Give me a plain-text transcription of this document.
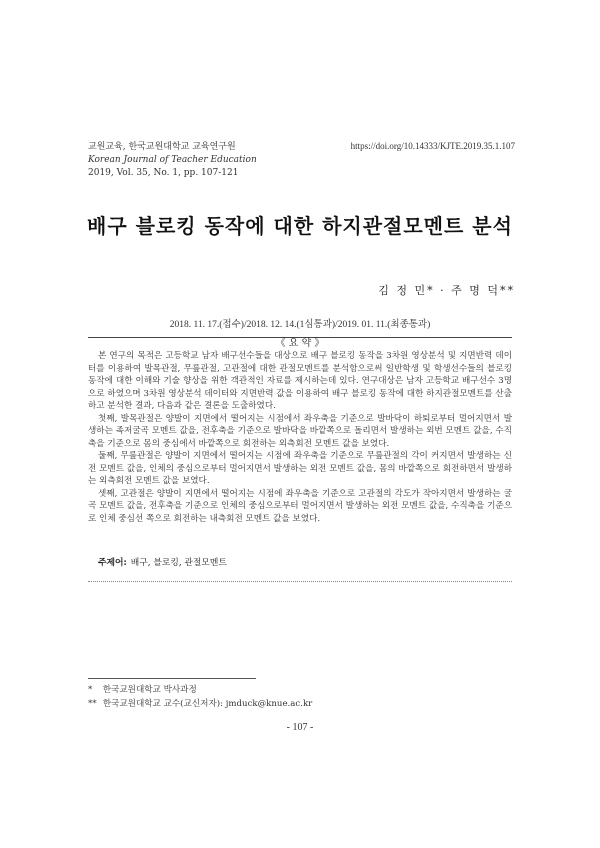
교원교육, 한국교원대학교 교육연구원
Korean Journal of Teacher Education
2019, Vol. 35, No. 1, pp. 107-121
https://doi.org/10.14333/KJTE.2019.35.1.107
배구 블로킹 동작에 대한 하지관절모멘트 분석
김 정 민* · 주 명 덕**
2018. 11. 17.(접수)/2018. 12. 14.(1심통과)/2019. 01. 11.(최종통과)
《 요 약 》

본 연구의 목적은 고등학교 남자 배구선수들을 대상으로 배구 블로킹 동작을 3차원 영상분석 및 지면반력 데이터를 이용하여 발목관절, 무릎관절, 고관절에 대한 관절모멘트를 분석함으로써 일반학생 및 학생선수들의 블로킹 동작에 대한 이해와 기술 향상을 위한 객관적인 자료를 제시하는데 있다. 연구대상은 남자 고등학교 배구선수 3명으로 하였으며 3차원 영상분석 데이터와 지면반력 값을 이용하여 배구 블로킹 동작에 대한 하지관절모멘트를 산출하고 분석한 결과, 다음과 같은 결론을 도출하였다.

첫째, 발목관절은 양발이 지면에서 떨어지는 시점에서 좌우축을 기준으로 발바닥이 하퇴로부터 멀어지면서 발생하는 족저굴곡 모멘트 값을, 전후축을 기준으로 발바닥을 바깥쪽으로 돌리면서 발생하는 외번 모멘트 값을, 수직축을 기준으로 몸의 중심에서 바깥쪽으로 회전하는 외측회전 모멘트 값을 보였다.

둘째, 무릎관절은 양발이 지면에서 떨어지는 시점에 좌우축을 기준으로 무릎관절의 각이 커지면서 발생하는 신전 모멘트 값을, 인체의 중심으로부터 멀어지면서 발생하는 외전 모멘트 값을, 몸의 바깥쪽으로 회전하면서 발생하는 외측회전 모멘트 값을 보였다.

셋째, 고관절은 양발이 지면에서 떨어지는 시점에 좌우축을 기준으로 고관절의 각도가 작아지면서 발생하는 굴곡 모멘트 값을, 전후축을 기준으로 인체의 중심으로부터 멀어지면서 발생하는 외전 모멘트 값을, 수직축을 기준으로 인체 중심선 쪽으로 회전하는 내측회전 모멘트 값을 보였다.

주제어: 배구, 블로킹, 관절모멘트
* 한국교원대학교 박사과정
** 한국교원대학교 교수(교신저자): jmduck@knue.ac.kr
- 107 -
